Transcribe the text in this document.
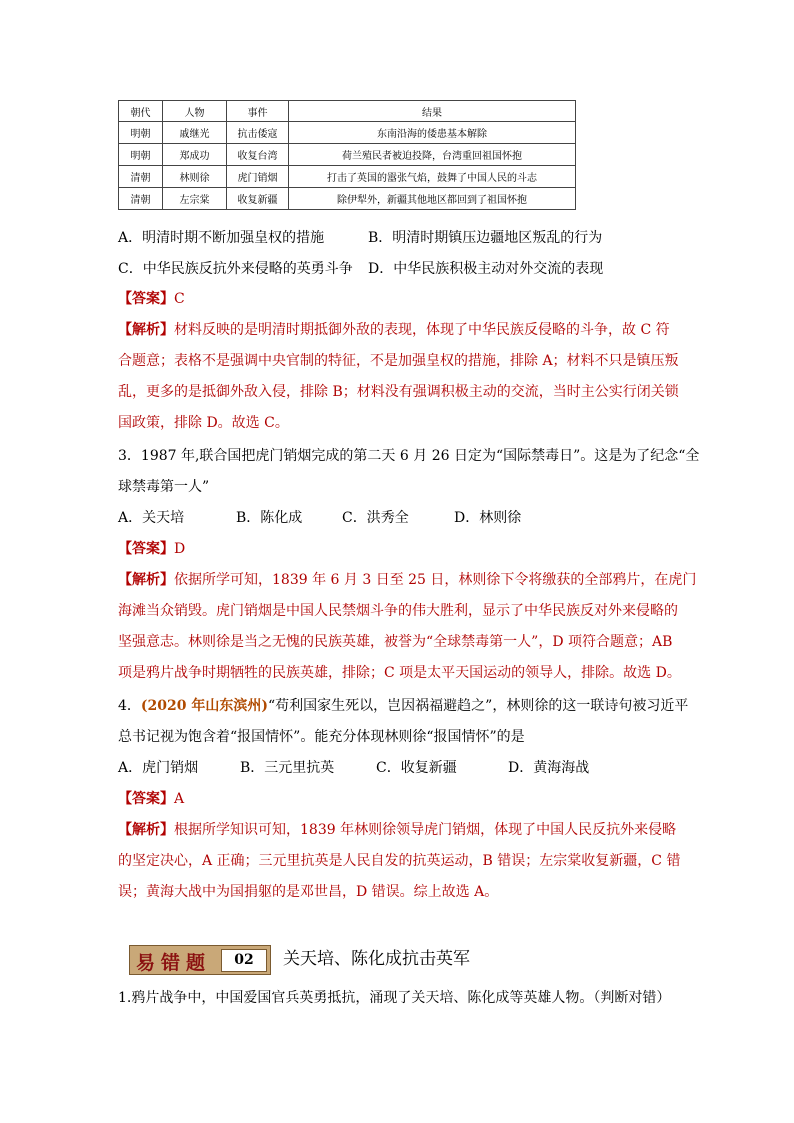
朝代	人物	事件	结果
明朝	戚继光	抗击倭寇	东南沿海的倭患基本解除
明朝	郑成功	收复台湾	荷兰殖民者被迫投降，台湾重回祖国怀抱
清朝	林则徐	虎门销烟	打击了英国的嚣张气焰，鼓舞了中国人民的斗志
清朝	左宗棠	收复新疆	除伊犁外，新疆其他地区都回到了祖国怀抱
A．明清时期不断加强皇权的措施	B．明清时期镇压边疆地区叛乱的行为
C．中华民族反抗外来侵略的英勇斗争 D．中华民族积极主动对外交流的表现
【答案】C
【解析】材料反映的是明清时期抵御外敌的表现，体现了中华民族反侵略的斗争，故 C 符
合题意；表格不是强调中央官制的特征，不是加强皇权的措施，排除 A；材料不只是镇压叛
乱，更多的是抵御外敌入侵，排除 B；材料没有强调积极主动的交流，当时主公实行闭关锁
国政策，排除 D。故选 C。
3．1987 年,联合国把虎门销烟完成的第二天 6 月 26 日定为“国际禁毒日”。这是为了纪念“全
球禁毒第一人”
A．关天培	B．陈化成	C．洪秀全	D．林则徐
【答案】D
【解析】依据所学可知，1839 年 6 月 3 日至 25 日，林则徐下令将缴获的全部鸦片，在虎门
海滩当众销毁。虎门销烟是中国人民禁烟斗争的伟大胜利，显示了中华民族反对外来侵略的
坚强意志。林则徐是当之无愧的民族英雄，被誉为“全球禁毒第一人”，D 项符合题意；AB
项是鸦片战争时期牺牲的民族英雄，排除；C 项是太平天国运动的领导人，排除。故选 D。
4．(2020 年山东滨州)“苟利国家生死以，岂因祸福避趋之”，林则徐的这一联诗句被习近平
总书记视为饱含着“报国情怀”。能充分体现林则徐“报国情怀”的是
A．虎门销烟	B．三元里抗英	C．收复新疆	D．黄海海战
【答案】A
【解析】根据所学知识可知，1839 年林则徐领导虎门销烟，体现了中国人民反抗外来侵略
的坚定决心，A 正确；三元里抗英是人民自发的抗英运动，B 错误；左宗棠收复新疆，C 错
误；黄海大战中为国捐躯的是邓世昌，D 错误。综上故选 A。
易错题	02	关天培、陈化成抗击英军
1.鸦片战争中，中国爱国官兵英勇抵抗，涌现了关天培、陈化成等英雄人物。（判断对错）
